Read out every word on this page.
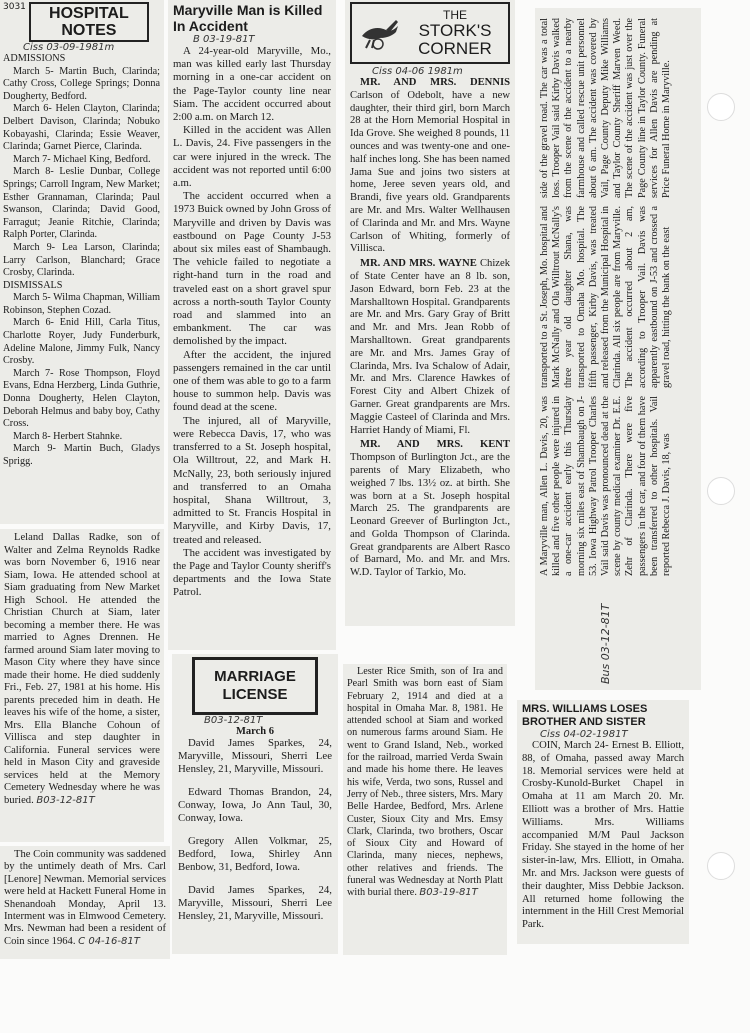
3031	HOSPITAL NOTES
Ciss 03-09-1981m

ADMISSIONS

March 5- Martin Buch, Clarinda; Cathy Cross, College Springs; Donna Dougherty, Bedford.

March 6- Helen Clayton, Clarinda; Delbert Davison, Clarinda; Nobuko Kobayashi, Clarinda; Essie Weaver, Clarinda; Garnet Pierce, Clarinda.

March 7- Michael King, Bedford.

March 8- Leslie Dunbar, College Springs; Carroll Ingram, New Market; Esther Grannaman, Clarinda; Paul Swanson, Clarinda; David Good, Farragut; Jeanie Ritchie, Clarinda; Ralph Porter, Clarinda.

March 9- Lea Larson, Clarinda; Larry Carlson, Blanchard; Grace Crosby, Clarinda.

DISMISSALS

March 5- Wilma Chapman, William Robinson, Stephen Cozad.

March 6- Enid Hill, Carla Titus, Charlotte Royer, Judy Funderburk, Adeline Malone, Jimmy Fulk, Nancy Crosby.

March 7- Rose Thompson, Floyd Evans, Edna Herzberg, Linda Guthrie, Donna Dougherty, Helen Clayton, Deborah Helmus and baby boy, Cathy Cross.

March 8- Herbert Stahnke.

March 9- Martin Buch, Gladys Sprigg.

Leland Dallas Radke, son of Walter and Zelma Reynolds Radke was born November 6, 1916 near Siam, Iowa. He attended school at Siam graduating from New Market High School. He attended the Christian Church at Siam, later becoming a member there. He was married to Agnes Drennen. He farmed around Siam later moving to Mason City where they have since made their home. He died suddenly Fri., Feb. 27, 1981 at his home. His parents preceded him in death. He leaves his wife of the home, a sister, Mrs. Ella Blanche Cohoun of Villisca and step daughter in California. Funeral services were held in Mason City and graveside services held at the Memory Cemetery Wednesday where he was buried. B03-12-81T

The Coin community was saddened by the untimely death of Mrs. Carl [Lenore] Newman. Memorial services were held at Hackett Funeral Home in Shenandoah Monday, April 13. Interment was in Elmwood Cemetery. Mrs. Newman had been a resident of Coin since 1964. C 04-16-81T

Maryville Man is Killed In Accident
B 03-19-81T

A 24-year-old Maryville, Mo., man was killed early last Thursday morning in a one-car accident on the Page-Taylor county line near Siam. The accident occurred about 2:00 a.m. on March 12.

Killed in the accident was Allen L. Davis, 24. Five passengers in the car were injured in the wreck. The accident was not reported until 6:00 a.m.

The accident occurred when a 1973 Buick owned by John Gross of Maryville and driven by Davis was eastbound on Page County J-53 about six miles east of Shambaugh. The vehicle failed to negotiate a right-hand turn in the road and traveled east on a short gravel spur across a north-south Taylor County road and slammed into an embankment. The car was demolished by the impact.

After the accident, the injured passengers remained in the car until one of them was able to go to a farm house to summon help. Davis was found dead at the scene.

The injured, all of Maryville, were Rebecca Davis, 17, who was transferred to a St. Joseph hospital, Ola Willtrout, 22, and Mark H. McNally, 23, both seriously injured and transferred to an Omaha hospital, Shana Willtrout, 3, admitted to St. Francis Hospital in Maryville, and Kirby Davis, 17, treated and released.

The accident was investigated by the Page and Taylor County sheriff's departments and the Iowa State Patrol.

MARRIAGE LICENSE
B03-12-81T
March 6

David James Sparkes, 24, Maryville, Missouri, Sherri Lee Hensley, 21, Maryville, Missouri.

Edward Thomas Brandon, 24, Conway, Iowa, Jo Ann Taul, 30, Conway, Iowa.

Gregory Allen Volkmar, 25, Bedford, Iowa, Shirley Ann Benbow, 31, Bedford, Iowa.

David James Sparkes, 24, Maryville, Missouri, Sherri Lee Hensley, 21, Maryville, Missouri.

THE
STORK'S
CORNER
Ciss 04-06 1981m

MR. AND MRS. DENNIS Carlson of Odebolt, have a new daughter, their third girl, born March 28 at the Horn Memorial Hospital in Ida Grove. She weighed 8 pounds, 11 ounces and was twenty-one and one-half inches long. She has been named Jama Sue and joins two sisters at home, Jeree seven years old, and Brandi, five years old. Grandparents are Mr. and Mrs. Walter Wellhausen of Clarinda and Mr. and Mrs. Wayne Carlson of Whiting, formerly of Villisca.

MR. AND MRS. WAYNE Chizek of State Center have an 8 lb. son, Jason Edward, born Feb. 23 at the Marshalltown Hospital. Grandparents are Mr. and Mrs. Gary Gray of Britt and Mr. and Mrs. Jean Robb of Marshalltown. Great grandparents are Mr. and Mrs. James Gray of Clarinda, Mrs. Iva Schalow of Adair, Mr. and Mrs. Clarence Hawkes of Forest City and Albert Chizek of Garner. Great grandparents are Mrs. Maggie Casteel of Clarinda and Mrs. Harriet Handy of Miami, Fl.

MR. AND MRS. KENT Thompson of Burlington Jct., are the parents of Mary Elizabeth, who weighed 7 lbs. 13½ oz. at birth. She was born at a St. Joseph hospital March 25. The grandparents are Leonard Greever of Burlington Jct., and Golda Thompson of Clarinda. Great grandparents are Albert Rasco of Barnard, Mo. and Mr. and Mrs. W.D. Taylor of Tarkio, Mo.

Lester Rice Smith, son of Ira and Pearl Smith was born east of Siam February 2, 1914 and died at a hospital in Omaha Mar. 8, 1981. He attended school at Siam and worked on numerous farms around Siam. He went to Grand Island, Neb., worked for the railroad, married Verda Swain and made his home there. He leaves his wife, Verda, two sons, Russel and Jerry of Neb., three sisters, Mrs. Mary Belle Hardee, Bedford, Mrs. Arlene Custer, Sioux City and Mrs. Emsy Clark, Clarinda, two brothers, Oscar of Sioux City and Howard of Clarinda, many nieces, nephews, other relatives and friends. The funeral was Wednesday at North Platt with burial there. B03-19-81T

Bus 03-12-81T
A Maryville man, Allen L. Davis, 20, was killed and five other people were injured in a one-car accident early this Thursday morning six miles east of Shambaugh on J-53. Iowa Highway Patrol Trooper Charles Vail said Davis was pronounced dead at the scene by county medical examiner Dr. E.E. Zehr of Clarinda. There were five passengers in the car, and four of them have been transferred to other hospitals. Vail reported Rebecca J. Davis, 18, was
transported to a St. Joseph, Mo. hospital and Mark McNally and Ola Willtrout McNally's three year old daughter Shana, was transported to Omaha Mo. hospital. The fifth passenger, Kirby Davis, was treated and released from the Municipal Hospital in Clarinda. All six people are from Maryville. The accident occurred about 2 am, according to Trooper Vail. Davis was apparently eastbound on J-53 and crossed a gravel road, hitting the bank on the east
side of the gravel road. The car was a total loss. Trooper Vail said Kirby Davis walked from the scene of the accident to a nearby farmhouse and called rescue unit personnel about 6 am. The accident was covered by Vail, Page County Deputy Mike Williams and Taylor County Sheriff Marven Weed. The scene of the accident was just over the Page County line in Taylor County. Funeral services for Allen Davis are pending at Price Funeral Home in Maryville.
MRS. WILLIAMS LOSES BROTHER AND SISTER
Ciss 04-02-1981T

COIN, March 24- Ernest B. Elliott, 88, of Omaha, passed away March 18. Memorial services were held at Crosby-Kunold-Burket Chapel in Omaha at 11 am March 20. Mr. Elliott was a brother of Mrs. Hattie Williams. Mrs. Williams accompanied M/M Paul Jackson Friday. She stayed in the home of her sister-in-law, Mrs. Elliott, in Omaha. Mr. and Mrs. Jackson were guests of their daughter, Miss Debbie Jackson. All returned home following the internment in the Hill Crest Memorial Park.
